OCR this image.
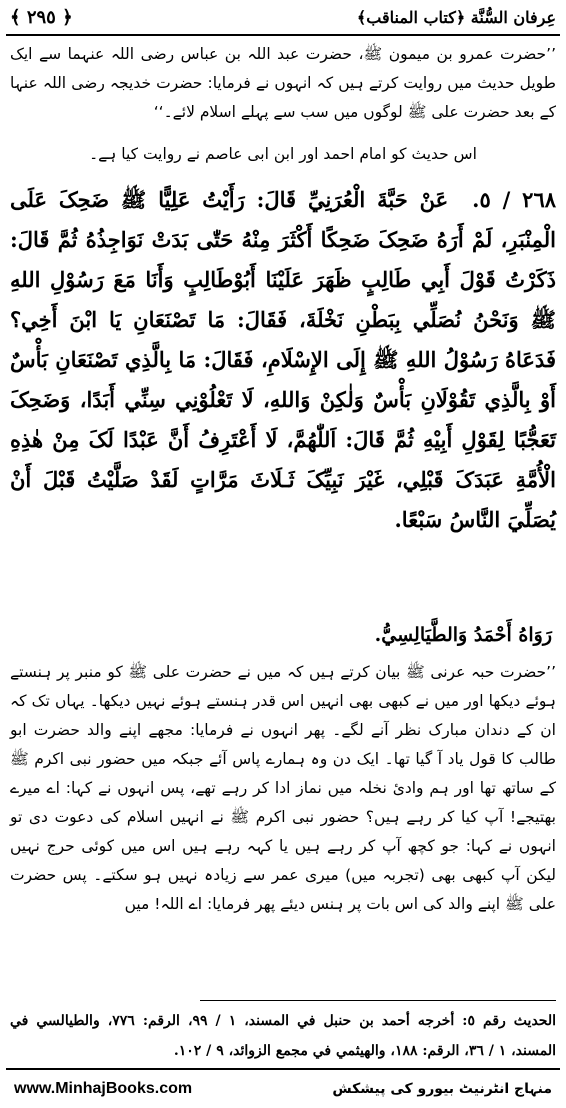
﴿ ٢٩٥ ﴾	عِرفان السُّنَّة ﴿كتاب المناقب﴾
’’حضرت عمرو بن میمون ﷺ، حضرت عبد اللہ بن عباس رضی اللہ عنہما سے ایک طویل حدیث میں روایت کرتے ہیں کہ انہوں نے فرمایا: حضرت خدیجہ رضی اللہ عنہا کے بعد حضرت علی ﷺ لوگوں میں سب سے پہلے اسلام لائے۔‘‘
اس حدیث کو امام احمد اور ابن ابی عاصم نے روایت کیا ہے۔
٢٦٨ / ٥.عَنْ حَبَّةَ الْعُرَنِيِّ قَالَ: رَأَيْتُ عَلِيًّا ﷺ ضَحِکَ عَلَی الْمِنْبَرِ، لَمْ أَرَهُ ضَحِکَ ضَحِکًا أَکْثَرَ مِنْهُ حَتّٰی بَدَتْ نَوَاجِذُهُ ثُمَّ قَالَ: ذَکَرْتُ قَوْلَ أَبِي طَالِبٍ ظَهَرَ عَلَيْنَا أَبُوْطَالِبٍ وَأَنَا مَعَ رَسُوْلِ اللهِ ﷺ وَنَحْنُ نُصَلِّي بِبَطْنِ نَخْلَةَ، فَقَالَ: مَا تَصْنَعَانِ يَا ابْنَ أَخِي؟ فَدَعَاهُ رَسُوْلُ اللهِ ﷺ إِلَی الإِسْلَامِ، فَقَالَ: مَا بِالَّذِي تَصْنَعَانِ بَأْسٌ أَوْ بِالَّذِي تَقُوْلَانِ بَأْسٌ وَلٰکِنْ وَاللهِ، لَا تَعْلُوْنِي سِنِّي أَبَدًا، وَضَحِکَ تَعَجُّبًا لِقَوْلِ أَبِيْهِ ثُمَّ قَالَ: اَللّٰهُمَّ، لَا أَعْتَرِفُ أَنَّ عَبْدًا لَکَ مِنْ هٰذِهِ الْأُمَّةِ عَبَدَکَ قَبْلِي، غَيْرَ نَبِيِّکَ ثَـلَاثَ مَرَّاتٍ لَقَدْ صَلَّيْتُ قَبْلَ أَنْ يُصَلِّيَ النَّاسُ سَبْعًا.
رَوَاهُ أَحْمَدُ وَالطَّيَالِسِيُّ.
’’حضرت حبہ عرنی ﷺ بیان کرتے ہیں کہ میں نے حضرت علی ﷺ کو منبر پر ہنستے ہوئے دیکھا اور میں نے کبھی بھی انہیں اس قدر ہنستے ہوئے نہیں دیکھا۔ یہاں تک کہ ان کے دندان مبارک نظر آنے لگے۔ پھر انہوں نے فرمایا: مجھے اپنے والد حضرت ابو طالب کا قول یاد آ گیا تھا۔ ایک دن وہ ہمارے پاس آئے جبکہ میں حضور نبی اکرم ﷺ کے ساتھ تھا اور ہم وادیٔ نخلہ میں نماز ادا کر رہے تھے، پس انہوں نے کہا: اے میرے بھتیجے! آپ کیا کر رہے ہیں؟ حضور نبی اکرم ﷺ نے انہیں اسلام کی دعوت دی تو انہوں نے کہا: جو کچھ آپ کر رہے ہیں یا کہہ رہے ہیں اس میں کوئی حرج نہیں لیکن آپ کبھی بھی (تجربہ میں) میری عمر سے زیادہ نہیں ہو سکتے۔ پس حضرت علی ﷺ اپنے والد کی اس بات پر ہنس دیئے پھر فرمایا: اے اللہ! میں
الحديث رقم ٥: أخرجه أحمد بن حنبل في المسند، ١ / ٩٩، الرقم: ٧٧٦، والطيالسي في المسند، ١ / ٣٦، الرقم: ١٨٨، والهيثمي في مجمع الزوائد، ٩ / ١٠٢.
www.MinhajBooks.com	منہاج انٹرنیٹ بیورو کی پیشکش
